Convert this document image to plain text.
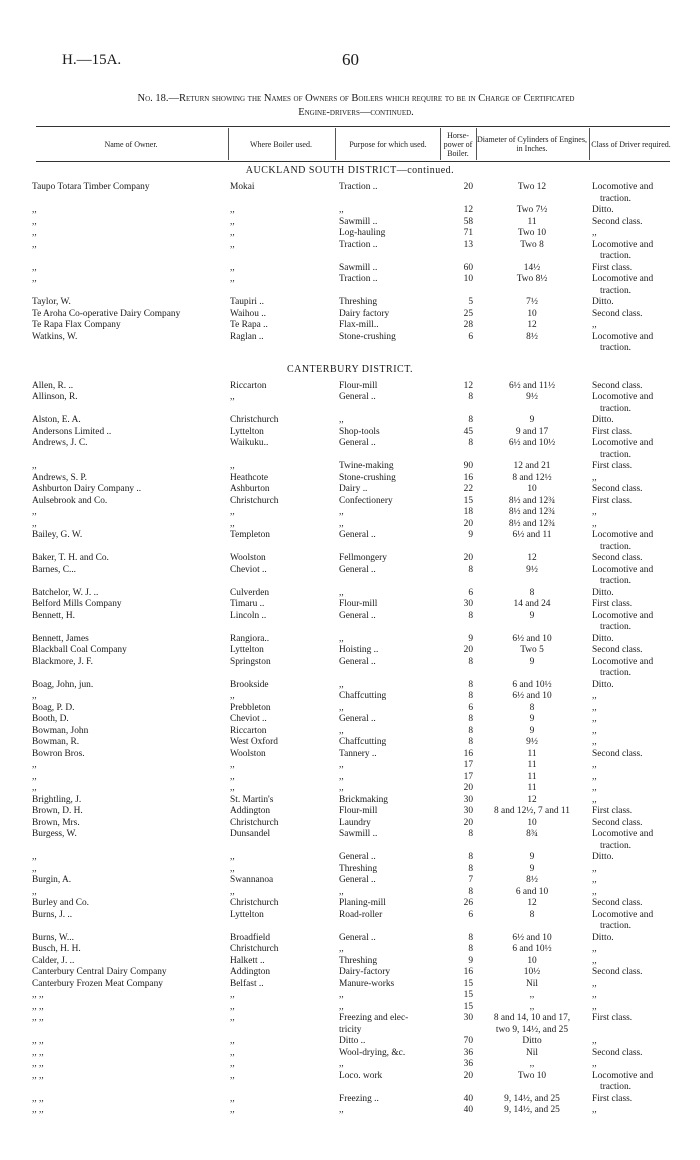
H.—15A.	60
No. 18.—Return showing the Names of Owners of Boilers which require to be in Charge of Certificated
Engine-drivers—continued.
Name of Owner.	Where Boiler used.	Purpose for which used.
Horse-power of Boiler.
Diameter of Cylinders of Engines, in Inches.	Class of Driver required.
AUCKLAND SOUTH DISTRICT—continued.
Taupo Totara Timber Company	Mokai	Traction ..	20	Two 12	Locomotive and
traction.
,,	,,	,,	12	Two 7½	Ditto.
,,	,,	Sawmill ..	58	11	Second class.
,,	,,	Log-hauling	71	Two 10	,,
,,	,,	Traction ..	13	Two 8	Locomotive and
traction.
,,	,,	Sawmill ..	60	14½	First class.
,,	,,	Traction ..	10	Two 8½	Locomotive and
traction.
Taylor, W.	Taupiri ..	Threshing	5	7½	Ditto.
Te Aroha Co-operative Dairy Company	Waihou ..	Dairy factory	25	10	Second class.
Te Rapa Flax Company	Te Rapa ..	Flax-mill..	28	12	,,
Watkins, W.	Raglan ..	Stone-crushing	6	8½	Locomotive and
traction.
CANTERBURY DISTRICT.
Allen, R. ..	Riccarton	Flour-mill	12	6½ and 11½	Second class.
Allinson, R.	,,	General ..	8	9½	Locomotive and
traction.
Alston, E. A.	Christchurch	,,	8	9	Ditto.
Andersons Limited ..	Lyttelton	Shop-tools	45	9 and 17	First class.
Andrews, J. C.	Waikuku..	General ..	8	6½ and 10½	Locomotive and
traction.
,,	,,	Twine-making	90	12 and 21	First class.
Andrews, S. P.	Heathcote	Stone-crushing	16	8 and 12½	,,
Ashburton Dairy Company ..	Ashburton	Dairy ..	22	10	Second class.
Aulsebrook and Co.	Christchurch	Confectionery	15	8½ and 12¾	First class.
,,	,,	,,	18	8½ and 12¾	,,
,,	,,	,,	20	8½ and 12¾	,,
Bailey, G. W.	Templeton	General ..	9	6½ and 11	Locomotive and
traction.
Baker, T. H. and Co.	Woolston	Fellmongery	20	12	Second class.
Barnes, C...	Cheviot ..	General ..	8	9½	Locomotive and
traction.
Batchelor, W. J. ..	Culverden	,,	6	8	Ditto.
Belford Mills Company	Timaru ..	Flour-mill	30	14 and 24	First class.
Bennett, H.	Lincoln ..	General ..	8	9	Locomotive and
traction.
Bennett, James	Rangiora..	,,	9	6½ and 10	Ditto.
Blackball Coal Company	Lyttelton	Hoisting ..	20	Two 5	Second class.
Blackmore, J. F.	Springston	General ..	8	9	Locomotive and
traction.
Boag, John, jun.	Brookside	,,	8	6 and 10½	Ditto.
,,	,,	Chaffcutting	8	6½ and 10	,,
Boag, P. D.	Prebbleton	,,	6	8	,,
Booth, D.	Cheviot ..	General ..	8	9	,,
Bowman, John	Riccarton	,,	8	9	,,
Bowman, R.	West Oxford	Chaffcutting	8	9½	,,
Bowron Bros.	Woolston	Tannery ..	16	11	Second class.
,,	,,	,,	17	11	,,
,,	,,	,,	17	11	,,
,,	,,	,,	20	11	,,
Brightling, J.	St. Martin's	Brickmaking	30	12	,,
Brown, D. H.	Addington	Flour-mill	30	8 and 12½, 7 and 11	First class.
Brown, Mrs.	Christchurch	Laundry	20	10	Second class.
Burgess, W.	Dunsandel	Sawmill ..	8	8¾	Locomotive and
traction.
,,	,,	General ..	8	9	Ditto.
,,	,,	Threshing	8	9	,,
Burgin, A.	Swannanoa	General ..	7	8½	,,
,,	,,	,,	8	6 and 10	,,
Burley and Co.	Christchurch	Planing-mill	26	12	Second class.
Burns, J. ..	Lyttelton	Road-roller	6	8	Locomotive and
traction.
Burns, W...	Broadfield	General ..	8	6½ and 10	Ditto.
Busch, H. H.	Christchurch	,,	8	6 and 10½	,,
Calder, J. ..	Halkett ..	Threshing	9	10	,,
Canterbury Central Dairy Company	Addington	Dairy-factory	16	10½	Second class.
Canterbury Frozen Meat Company	Belfast ..	Manure-works	15	Nil	,,
,, ,,	,,	,,	15	,,	,,
,, ,,	,,	,,	15	,,	,,
,, ,,	,,	Freezing and elec-	30	8 and 14, 10 and 17,	First class.
tricity	two 9, 14½, and 25
,, ,,	,,	Ditto ..	70	Ditto	,,
,, ,,	,,	Wool-drying, &c.	36	Nil	Second class.
,, ,,	,,	,,	36	,,	,,
,, ,,	,,	Loco. work	20	Two 10	Locomotive and
traction.
,, ,,	,,	Freezing ..	40	9, 14½, and 25	First class.
,, ,,	,,	,,	40	9, 14½, and 25	,,
